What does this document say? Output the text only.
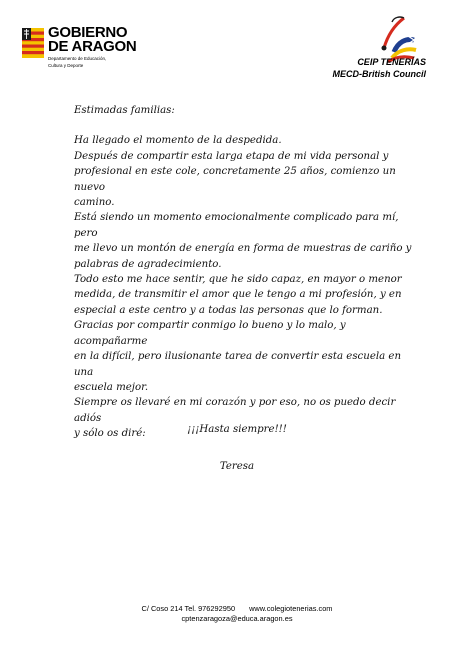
GOBIERNO
DE ARAGON
Departamento de Educación,
Cultura y Deporte	CEIP TENERÍAS
MECD-British Council

Estimadas familias:

Ha llegado el momento de la despedida.

Después de compartir esta larga etapa de mi vida personal y

profesional en este cole, concretamente 25 años, comienzo un nuevo

camino.

Está siendo un momento emocionalmente complicado para mí, pero

me llevo un montón de energía en forma de muestras de cariño y

palabras de agradecimiento.

Todo esto me hace sentir, que he sido capaz, en mayor o menor

medida, de transmitir el amor que le tengo a mi profesión, y en

especial a este centro y a todas las personas que lo forman.

Gracias por compartir conmigo lo bueno y lo malo, y acompañarme

en la difícil, pero ilusionante tarea de convertir esta escuela en una

escuela mejor.

Siempre os llevaré en mi corazón y por eso, no os puedo decir adiós

y sólo os diré:	¡¡¡Hasta siempre!!!
Teresa
C/ Coso 214 Tel. 976292950 www.colegiotenerias.com
cptenzaragoza@educa.aragon.es
